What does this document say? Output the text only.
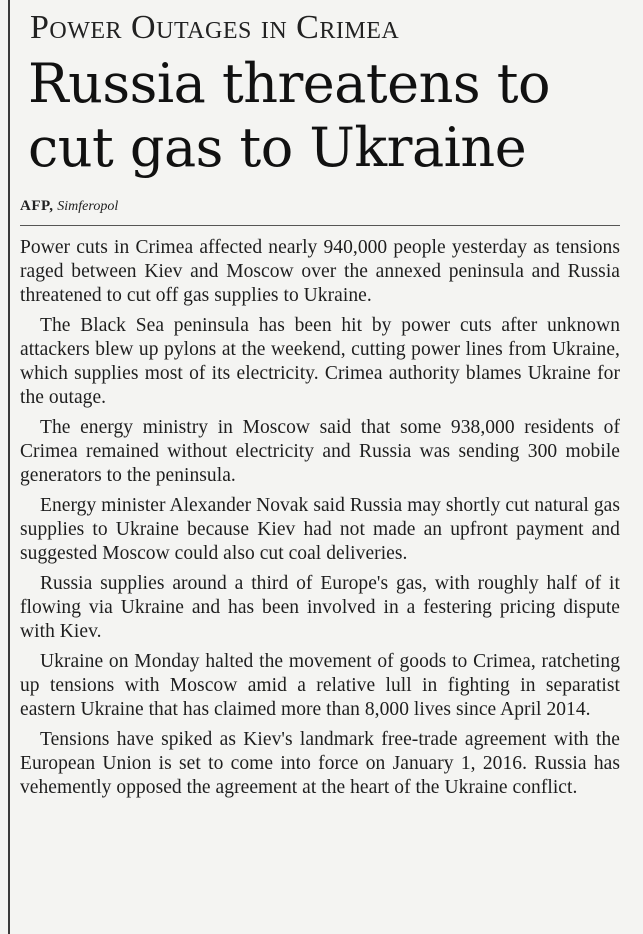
Power Outages in Crimea
Russia threatens to cut gas to Ukraine
AFP, Simferopol

Power cuts in Crimea affected nearly 940,000 people yesterday as tensions raged between Kiev and Moscow over the annexed peninsula and Russia threatened to cut off gas supplies to Ukraine.

The Black Sea peninsula has been hit by power cuts after unknown attackers blew up pylons at the weekend, cutting power lines from Ukraine, which supplies most of its electricity. Crimea authority blames Ukraine for the outage.

The energy ministry in Moscow said that some 938,000 residents of Crimea remained without electricity and Russia was sending 300 mobile generators to the peninsula.

Energy minister Alexander Novak said Russia may shortly cut natural gas supplies to Ukraine because Kiev had not made an upfront payment and suggested Moscow could also cut coal deliveries.

Russia supplies around a third of Europe's gas, with roughly half of it flowing via Ukraine and has been involved in a festering pricing dispute with Kiev.

Ukraine on Monday halted the movement of goods to Crimea, ratcheting up tensions with Moscow amid a relative lull in fighting in separatist eastern Ukraine that has claimed more than 8,000 lives since April 2014.

Tensions have spiked as Kiev's landmark free-trade agreement with the European Union is set to come into force on January 1, 2016. Russia has vehemently opposed the agreement at the heart of the Ukraine conflict.
